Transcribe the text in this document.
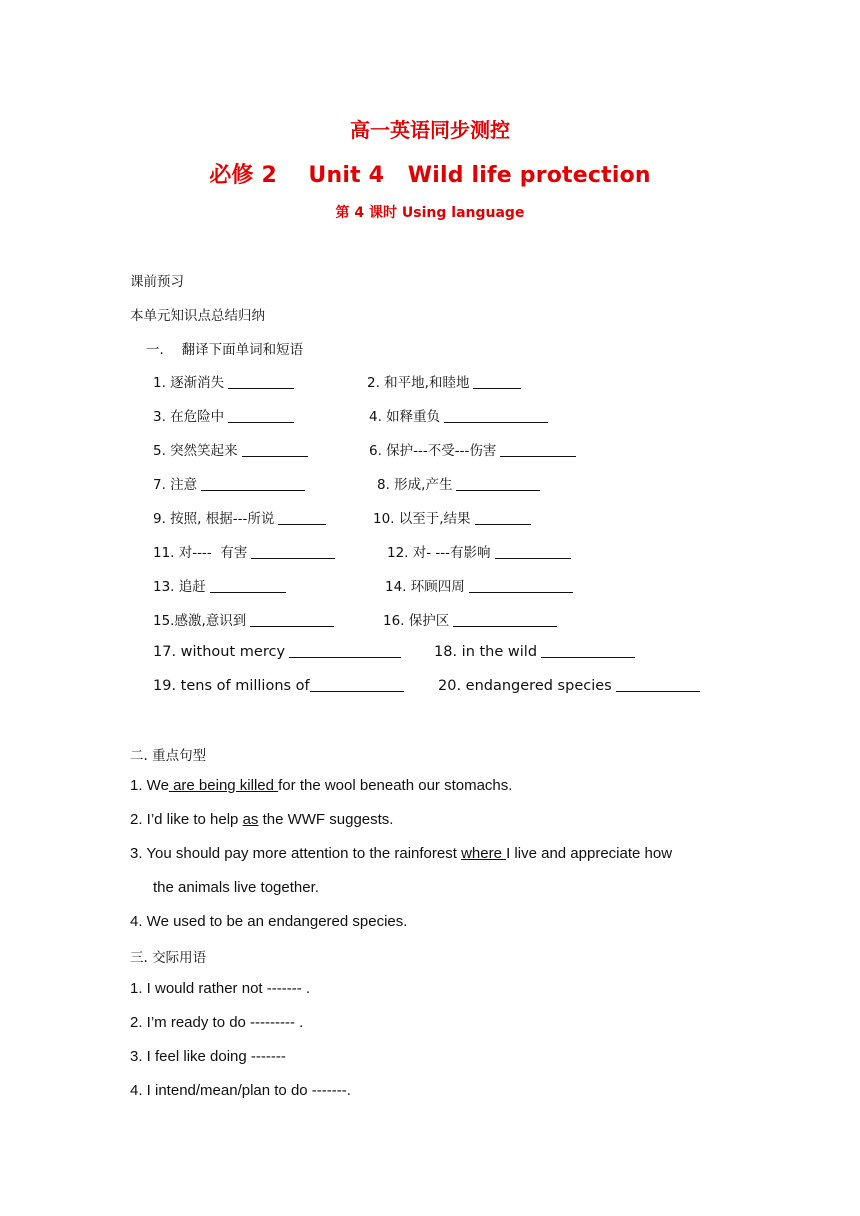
高一英语同步测控
必修 2    Unit 4   Wild life protection
第 4 课时 Using language
课前预习
本单元知识点总结归纳
一．  翻译下面单词和短语
1. 逐渐消失	2. 和平地,和睦地
3. 在危险中	4. 如释重负
5. 突然笑起来	6. 保护---不受---伤害
7. 注意	8. 形成,产生
9. 按照, 根据---所说	10. 以至于,结果
11. 对----  有害	12. 对- ---有影响
13. 追赶	14. 环顾四周
15.感激,意识到	16. 保护区
17. without mercy	18. in the wild
19. tens of millions of	20. endangered species
二. 重点句型
1. We are being killed for the wool beneath our stomachs.
2. I’d like to help as the WWF suggests.
3. You should pay more attention to the rainforest where I live and appreciate how
the animals live together.
4. We used to be an endangered species.
三. 交际用语
1. I would rather not ------- .
2. I’m ready to do --------- .
3. I feel like doing -------
4. I intend/mean/plan to do -------.
